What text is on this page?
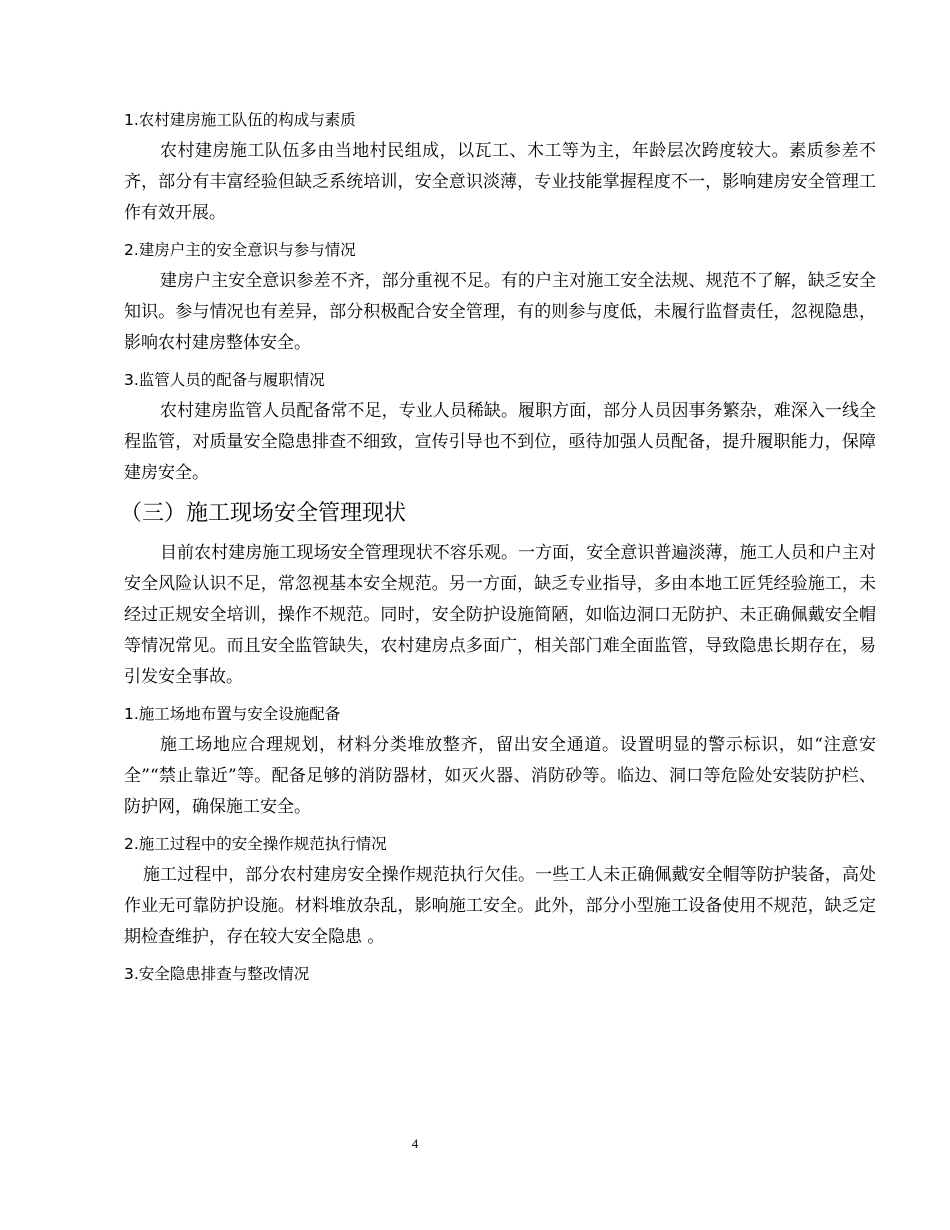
1.农村建房施工队伍的构成与素质

农村建房施工队伍多由当地村民组成，以瓦工、木工等为主，年龄层次跨度较大。素质参差不齐，部分有丰富经验但缺乏系统培训，安全意识淡薄，专业技能掌握程度不一，影响建房安全管理工作有效开展。

2.建房户主的安全意识与参与情况

建房户主安全意识参差不齐，部分重视不足。有的户主对施工安全法规、规范不了解，缺乏安全知识。参与情况也有差异，部分积极配合安全管理，有的则参与度低，未履行监督责任，忽视隐患，影响农村建房整体安全。

3.监管人员的配备与履职情况

农村建房监管人员配备常不足，专业人员稀缺。履职方面，部分人员因事务繁杂，难深入一线全程监管，对质量安全隐患排查不细致，宣传引导也不到位，亟待加强人员配备，提升履职能力，保障建房安全。

（三）施工现场安全管理现状

目前农村建房施工现场安全管理现状不容乐观。一方面，安全意识普遍淡薄，施工人员和户主对安全风险认识不足，常忽视基本安全规范。另一方面，缺乏专业指导，多由本地工匠凭经验施工，未经过正规安全培训，操作不规范。同时，安全防护设施简陋，如临边洞口无防护、未正确佩戴安全帽等情况常见。而且安全监管缺失，农村建房点多面广，相关部门难全面监管，导致隐患长期存在，易引发安全事故。

1.施工场地布置与安全设施配备

施工场地应合理规划，材料分类堆放整齐，留出安全通道。设置明显的警示标识，如“注意安全”“禁止靠近”等。配备足够的消防器材，如灭火器、消防砂等。临边、洞口等危险处安装防护栏、防护网，确保施工安全。

2.施工过程中的安全操作规范执行情况

施工过程中，部分农村建房安全操作规范执行欠佳。一些工人未正确佩戴安全帽等防护装备，高处作业无可靠防护设施。材料堆放杂乱，影响施工安全。此外，部分小型施工设备使用不规范，缺乏定期检查维护，存在较大安全隐患 。

3.安全隐患排查与整改情况
4
